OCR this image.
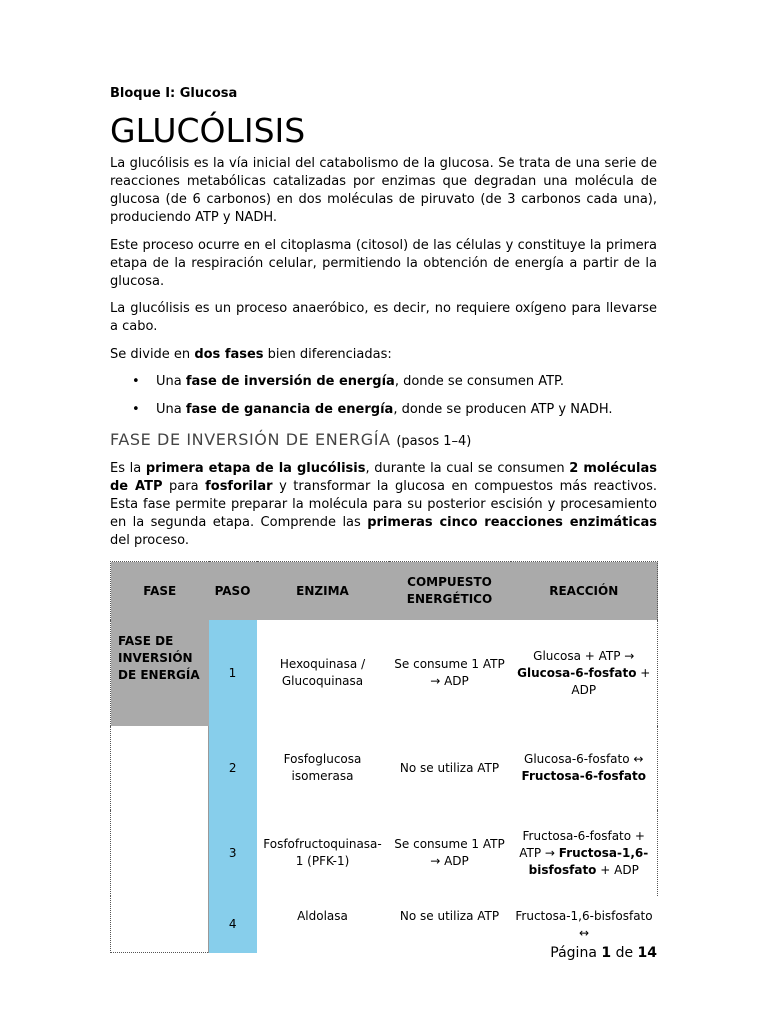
Bloque I: Glucosa
GLUCÓLISIS

La glucólisis es la vía inicial del catabolismo de la glucosa. Se trata de una serie de reacciones metabólicas catalizadas por enzimas que degradan una molécula de glucosa (de 6 carbonos) en dos moléculas de piruvato (de 3 carbonos cada una), produciendo ATP y NADH.

Este proceso ocurre en el citoplasma (citosol) de las células y constituye la primera etapa de la respiración celular, permitiendo la obtención de energía a partir de la glucosa.

La glucólisis es un proceso anaeróbico, es decir, no requiere oxígeno para llevarse a cabo.

Se divide en dos fases bien diferenciadas:

• Una fase de inversión de energía, donde se consumen ATP.
• Una fase de ganancia de energía, donde se producen ATP y NADH.
FASE DE INVERSIÓN DE ENERGÍA (pasos 1–4)

Es la primera etapa de la glucólisis, durante la cual se consumen 2 moléculas de ATP para fosforilar y transformar la glucosa en compuestos más reactivos. Esta fase permite preparar la molécula para su posterior escisión y procesamiento en la segunda etapa. Comprende las primeras cinco reacciones enzimáticas del proceso.

FASE	PASO	ENZIMA	COMPUESTO ENERGÉTICO	REACCIÓN
FASE DE INVERSIÓN DE ENERGÍA	1	Hexoquinasa / Glucoquinasa	Se consume 1 ATP → ADP	Glucosa + ATP → Glucosa-6-fosfato + ADP
	2	Fosfoglucosa isomerasa	No se utiliza ATP	Glucosa-6-fosfato ↔ Fructosa-6-fosfato
	3	Fosfofructoquinasa-1 (PFK-1)	Se consume 1 ATP → ADP	Fructosa-6-fosfato + ATP → Fructosa-1,6-bisfosfato + ADP
	4	Aldolasa	No se utiliza ATP	Fructosa-1,6-bisfosfato ↔
Página 1 de 14
